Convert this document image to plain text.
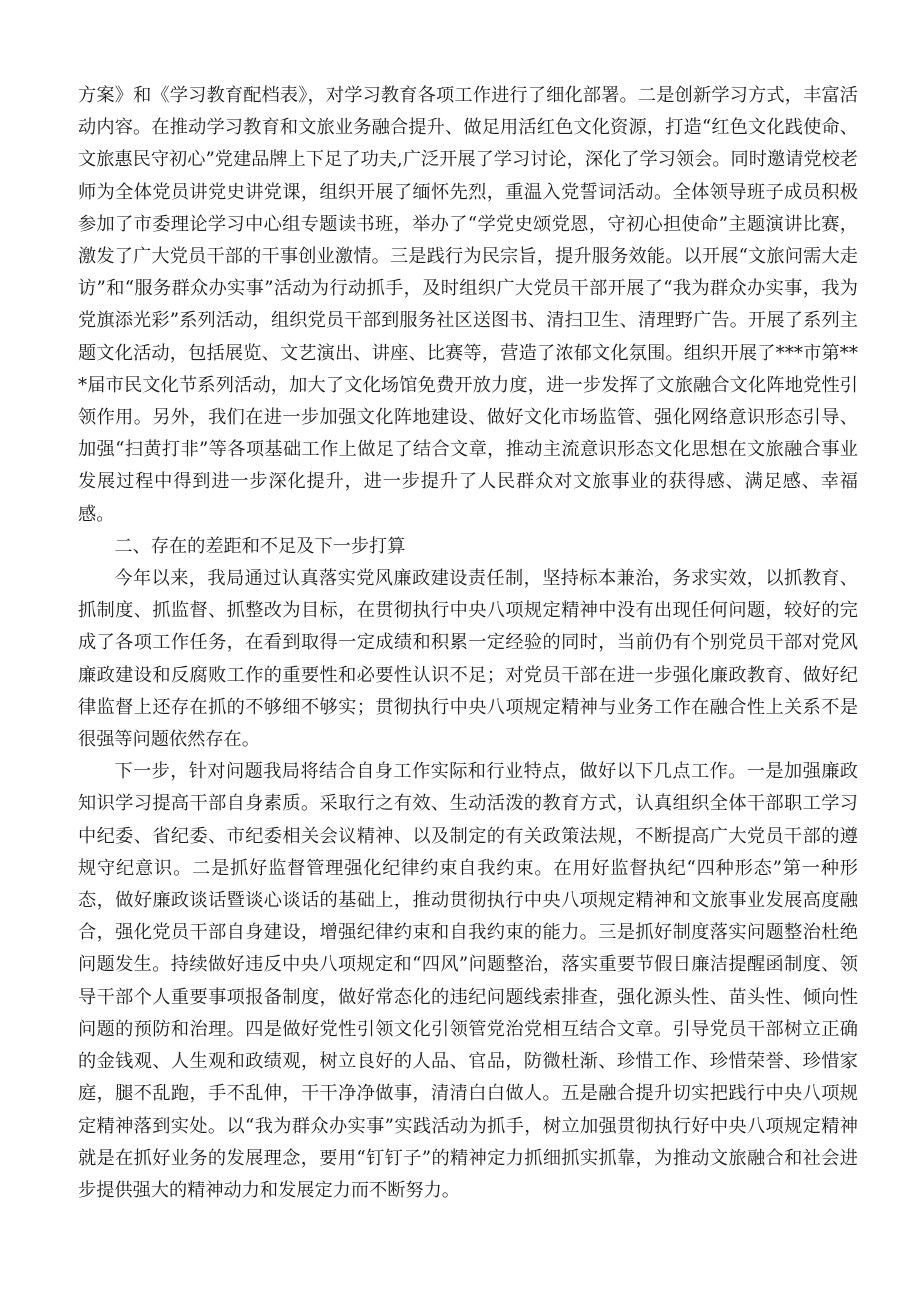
方案》和《学习教育配档表》，对学习教育各项工作进行了细化部署。二是创新学习方式，丰富活动内容。在推动学习教育和文旅业务融合提升、做足用活红色文化资源，打造“红色文化践使命、文旅惠民守初心”党建品牌上下足了功夫,广泛开展了学习讨论，深化了学习领会。同时邀请党校老师为全体党员讲党史讲党课，组织开展了缅怀先烈，重温入党誓词活动。全体领导班子成员积极参加了市委理论学习中心组专题读书班，举办了“学党史颂党恩，守初心担使命”主题演讲比赛，激发了广大党员干部的干事创业激情。三是践行为民宗旨，提升服务效能。以开展“文旅问需大走访”和“服务群众办实事”活动为行动抓手，及时组织广大党员干部开展了“我为群众办实事，我为党旗添光彩”系列活动，组织党员干部到服务社区送图书、清扫卫生、清理野广告。开展了系列主题文化活动，包括展览、文艺演出、讲座、比赛等，营造了浓郁文化氛围。组织开展了***市第***届市民文化节系列活动，加大了文化场馆免费开放力度，进一步发挥了文旅融合文化阵地党性引领作用。另外，我们在进一步加强文化阵地建设、做好文化市场监管、强化网络意识形态引导、加强“扫黄打非”等各项基础工作上做足了结合文章，推动主流意识形态文化思想在文旅融合事业发展过程中得到进一步深化提升，进一步提升了人民群众对文旅事业的获得感、满足感、幸福感。

二、存在的差距和不足及下一步打算

今年以来，我局通过认真落实党风廉政建设责任制，坚持标本兼治，务求实效，以抓教育、抓制度、抓监督、抓整改为目标，在贯彻执行中央八项规定精神中没有出现任何问题，较好的完成了各项工作任务，在看到取得一定成绩和积累一定经验的同时，当前仍有个别党员干部对党风廉政建设和反腐败工作的重要性和必要性认识不足；对党员干部在进一步强化廉政教育、做好纪律监督上还存在抓的不够细不够实；贯彻执行中央八项规定精神与业务工作在融合性上关系不是很强等问题依然存在。

下一步，针对问题我局将结合自身工作实际和行业特点，做好以下几点工作。一是加强廉政知识学习提高干部自身素质。采取行之有效、生动活泼的教育方式，认真组织全体干部职工学习中纪委、省纪委、市纪委相关会议精神、以及制定的有关政策法规，不断提高广大党员干部的遵规守纪意识。二是抓好监督管理强化纪律约束自我约束。在用好监督执纪“四种形态”第一种形态，做好廉政谈话暨谈心谈话的基础上，推动贯彻执行中央八项规定精神和文旅事业发展高度融合，强化党员干部自身建设，增强纪律约束和自我约束的能力。三是抓好制度落实问题整治杜绝问题发生。持续做好违反中央八项规定和“四风”问题整治，落实重要节假日廉洁提醒函制度、领导干部个人重要事项报备制度，做好常态化的违纪问题线索排查，强化源头性、苗头性、倾向性问题的预防和治理。四是做好党性引领文化引领管党治党相互结合文章。引导党员干部树立正确的金钱观、人生观和政绩观，树立良好的人品、官品，防微杜渐、珍惜工作、珍惜荣誉、珍惜家庭，腿不乱跑，手不乱伸，干干净净做事，清清白白做人。五是融合提升切实把践行中央八项规定精神落到实处。以“我为群众办实事”实践活动为抓手，树立加强贯彻执行好中央八项规定精神就是在抓好业务的发展理念，要用“钉钉子”的精神定力抓细抓实抓靠，为推动文旅融合和社会进步提供强大的精神动力和发展定力而不断努力。
